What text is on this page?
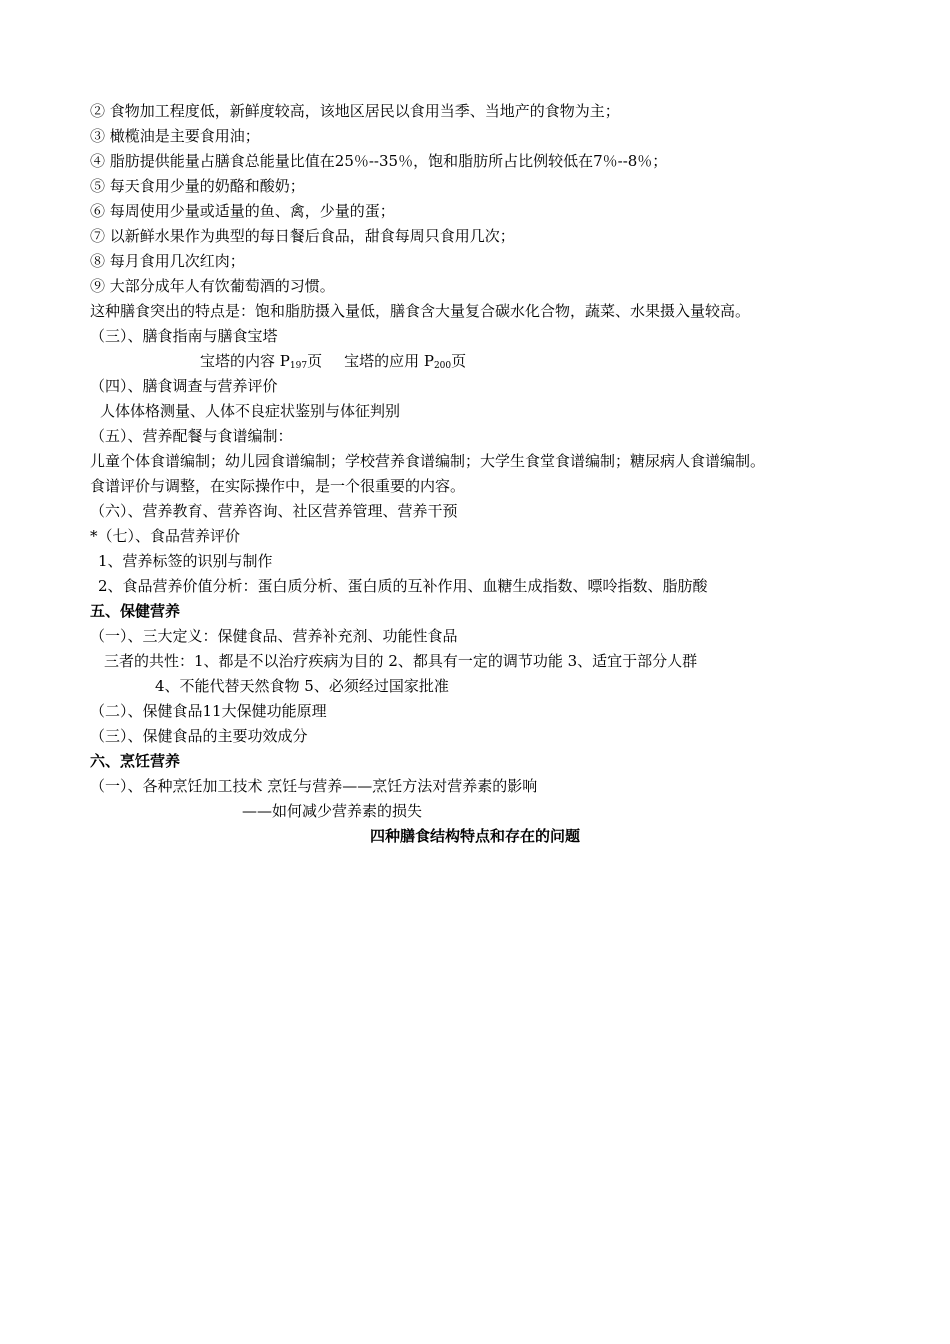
② 食物加工程度低，新鲜度较高，该地区居民以食用当季、当地产的食物为主；
③ 橄榄油是主要食用油；
④ 脂肪提供能量占膳食总能量比值在25％--35％，饱和脂肪所占比例较低在7％--8％；
⑤ 每天食用少量的奶酪和酸奶；
⑥ 每周使用少量或适量的鱼、禽，少量的蛋；
⑦ 以新鲜水果作为典型的每日餐后食品，甜食每周只食用几次；
⑧ 每月食用几次红肉；
⑨ 大部分成年人有饮葡萄酒的习惯。
这种膳食突出的特点是：饱和脂肪摄入量低，膳食含大量复合碳水化合物，蔬菜、水果摄入量较高。
（三）、膳食指南与膳食宝塔
宝塔的内容 $P_{197}$页 宝塔的应用 $P_{200}$页
（四）、膳食调查与营养评价
人体体格测量、人体不良症状鉴别与体征判别
（五）、营养配餐与食谱编制：
儿童个体食谱编制；幼儿园食谱编制；学校营养食谱编制；大学生食堂食谱编制；糖尿病人食谱编制。
食谱评价与调整，在实际操作中，是一个很重要的内容。
（六）、营养教育、营养咨询、社区营养管理、营养干预
*（七）、食品营养评价
1、营养标签的识别与制作
2、食品营养价值分析：蛋白质分析、蛋白质的互补作用、血糖生成指数、嘌呤指数、脂肪酸
五、保健营养
（一）、三大定义：保健食品、营养补充剂、功能性食品
三者的共性：1、都是不以治疗疾病为目的 2、都具有一定的调节功能 3、适宜于部分人群
4、不能代替天然食物 5、必须经过国家批准
（二）、保健食品11大保健功能原理
（三）、保健食品的主要功效成分
六、烹饪营养
（一）、各种烹饪加工技术 烹饪与营养——烹饪方法对营养素的影响
——如何减少营养素的损失
四种膳食结构特点和存在的问题
